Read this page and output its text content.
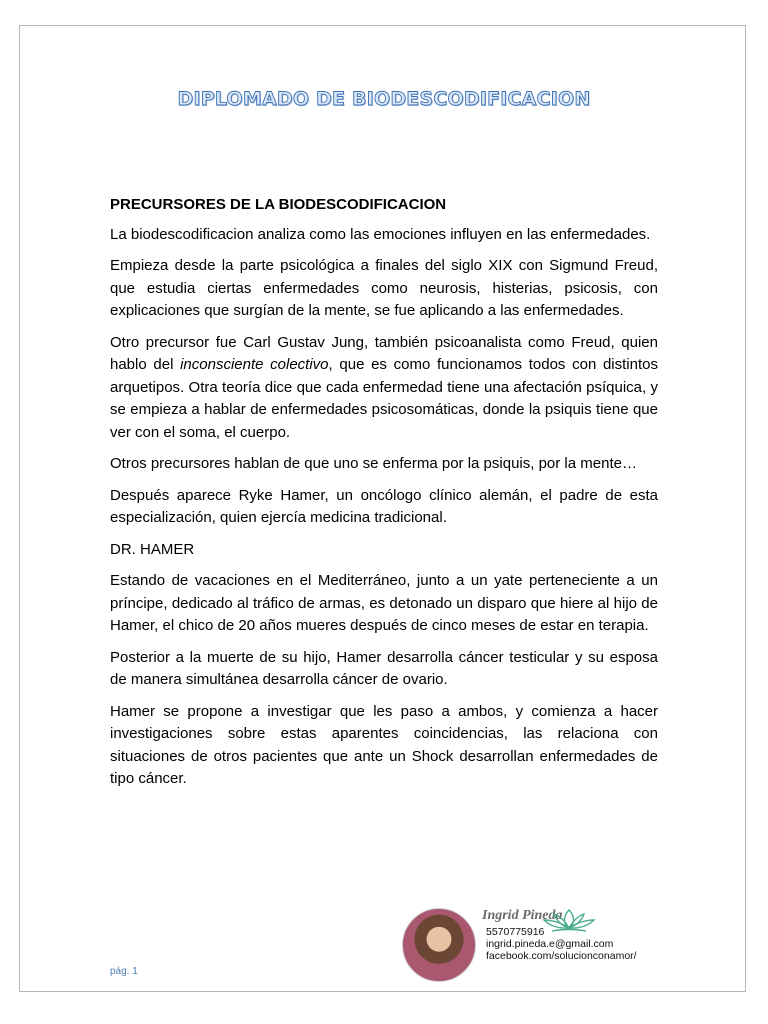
DIPLOMADO DE BIODESCODIFICACION

PRECURSORES DE LA BIODESCODIFICACION

La biodescodificacion analiza como las emociones influyen en las enfermedades.

Empieza desde la parte psicológica a finales del siglo XIX con Sigmund Freud, que estudia ciertas enfermedades como neurosis, histerias, psicosis, con explicaciones que surgían de la mente, se fue aplicando a las enfermedades.

Otro precursor fue Carl Gustav Jung, también psicoanalista como Freud, quien hablo del inconsciente colectivo, que es como funcionamos todos con distintos arquetipos. Otra teoría dice que cada enfermedad tiene una afectación psíquica, y se empieza a hablar de enfermedades psicosomáticas, donde la psiquis tiene que ver con el soma, el cuerpo.

Otros precursores hablan de que uno se enferma por la psiquis, por la mente…

Después aparece Ryke Hamer, un oncólogo clínico alemán, el padre de esta especialización, quien ejercía medicina tradicional.

DR. HAMER

Estando de vacaciones en el Mediterráneo, junto a un yate perteneciente a un príncipe, dedicado al tráfico de armas, es detonado un disparo que hiere al hijo de Hamer, el chico de 20 años mueres después de cinco meses de estar en terapia.

Posterior a la muerte de su hijo, Hamer desarrolla cáncer testicular y su esposa de manera simultánea desarrolla cáncer de ovario.

Hamer se propone a investigar que les paso a ambos, y comienza a hacer investigaciones sobre estas aparentes coincidencias, las relaciona con situaciones de otros pacientes que ante un Shock desarrollan enfermedades de tipo cáncer.

Ingrid Pineda
5570775916
ingrid.pineda.e@gmail.com
facebook.com/solucionconamor/
pág. 1
